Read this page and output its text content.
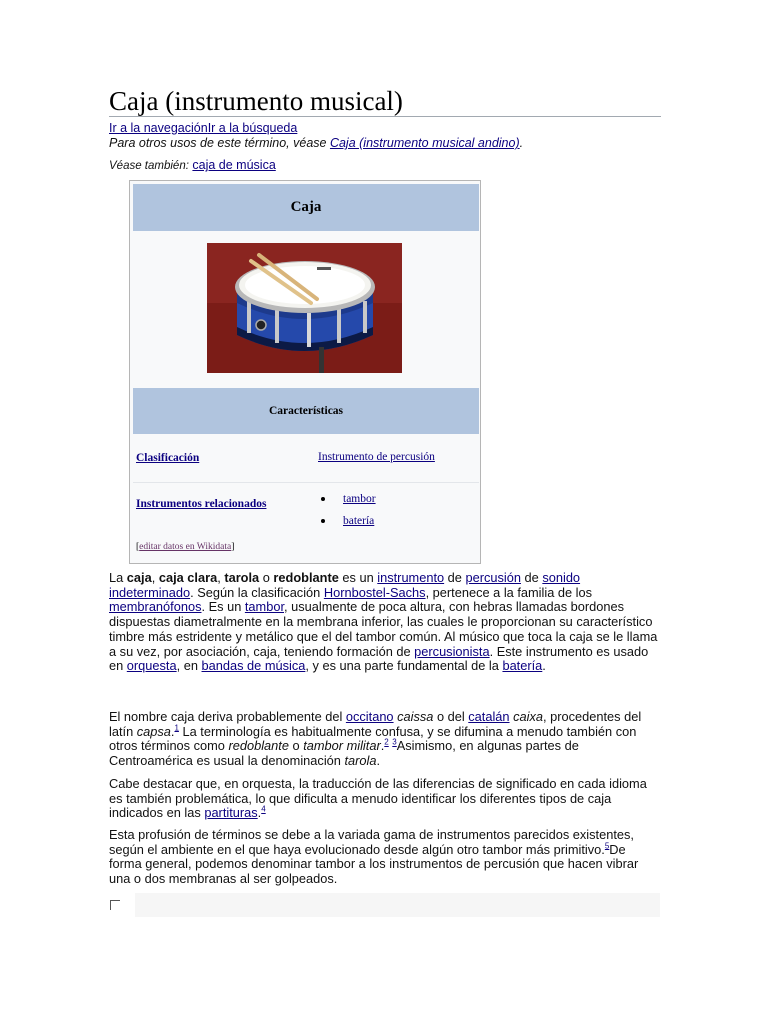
Caja (instrumento musical)
Ir a la navegaciónIr a la búsqueda
Para otros usos de este término, véase Caja (instrumento musical andino).
Véase también: caja de música
Caja
Características
Clasificación	Instrumento de percusión
Instrumentos relacionados	tambor
batería
[editar datos en Wikidata]

La caja, caja clara, tarola o redoblante es un instrumento de percusión de sonido indeterminado. Según la clasificación Hornbostel-Sachs, pertenece a la familia de los membranófonos. Es un tambor, usualmente de poca altura, con hebras llamadas bordones dispuestas diametralmente en la membrana inferior, las cuales le proporcionan su característico timbre más estridente y metálico que el del tambor común. Al músico que toca la caja se le llama a su vez, por asociación, caja, teniendo formación de percusionista. Este instrumento es usado en orquesta, en bandas de música, y es una parte fundamental de la batería.

El nombre caja deriva probablemente del occitano caissa o del catalán caixa, procedentes del latín capsa.$^1$ La terminología es habitualmente confusa, y se difumina a menudo también con otros términos como redoblante o tambor militar.$^2$ $^3$Asimismo, en algunas partes de Centroamérica es usual la denominación tarola.

Cabe destacar que, en orquesta, la traducción de las diferencias de significado en cada idioma es también problemática, lo que dificulta a menudo identificar los diferentes tipos de caja indicados en las partituras.$^4$

Esta profusión de términos se debe a la variada gama de instrumentos parecidos existentes, según el ambiente en el que haya evolucionado desde algún otro tambor más primitivo.$^5$De forma general, podemos denominar tambor a los instrumentos de percusión que hacen vibrar una o dos membranas al ser golpeados.
